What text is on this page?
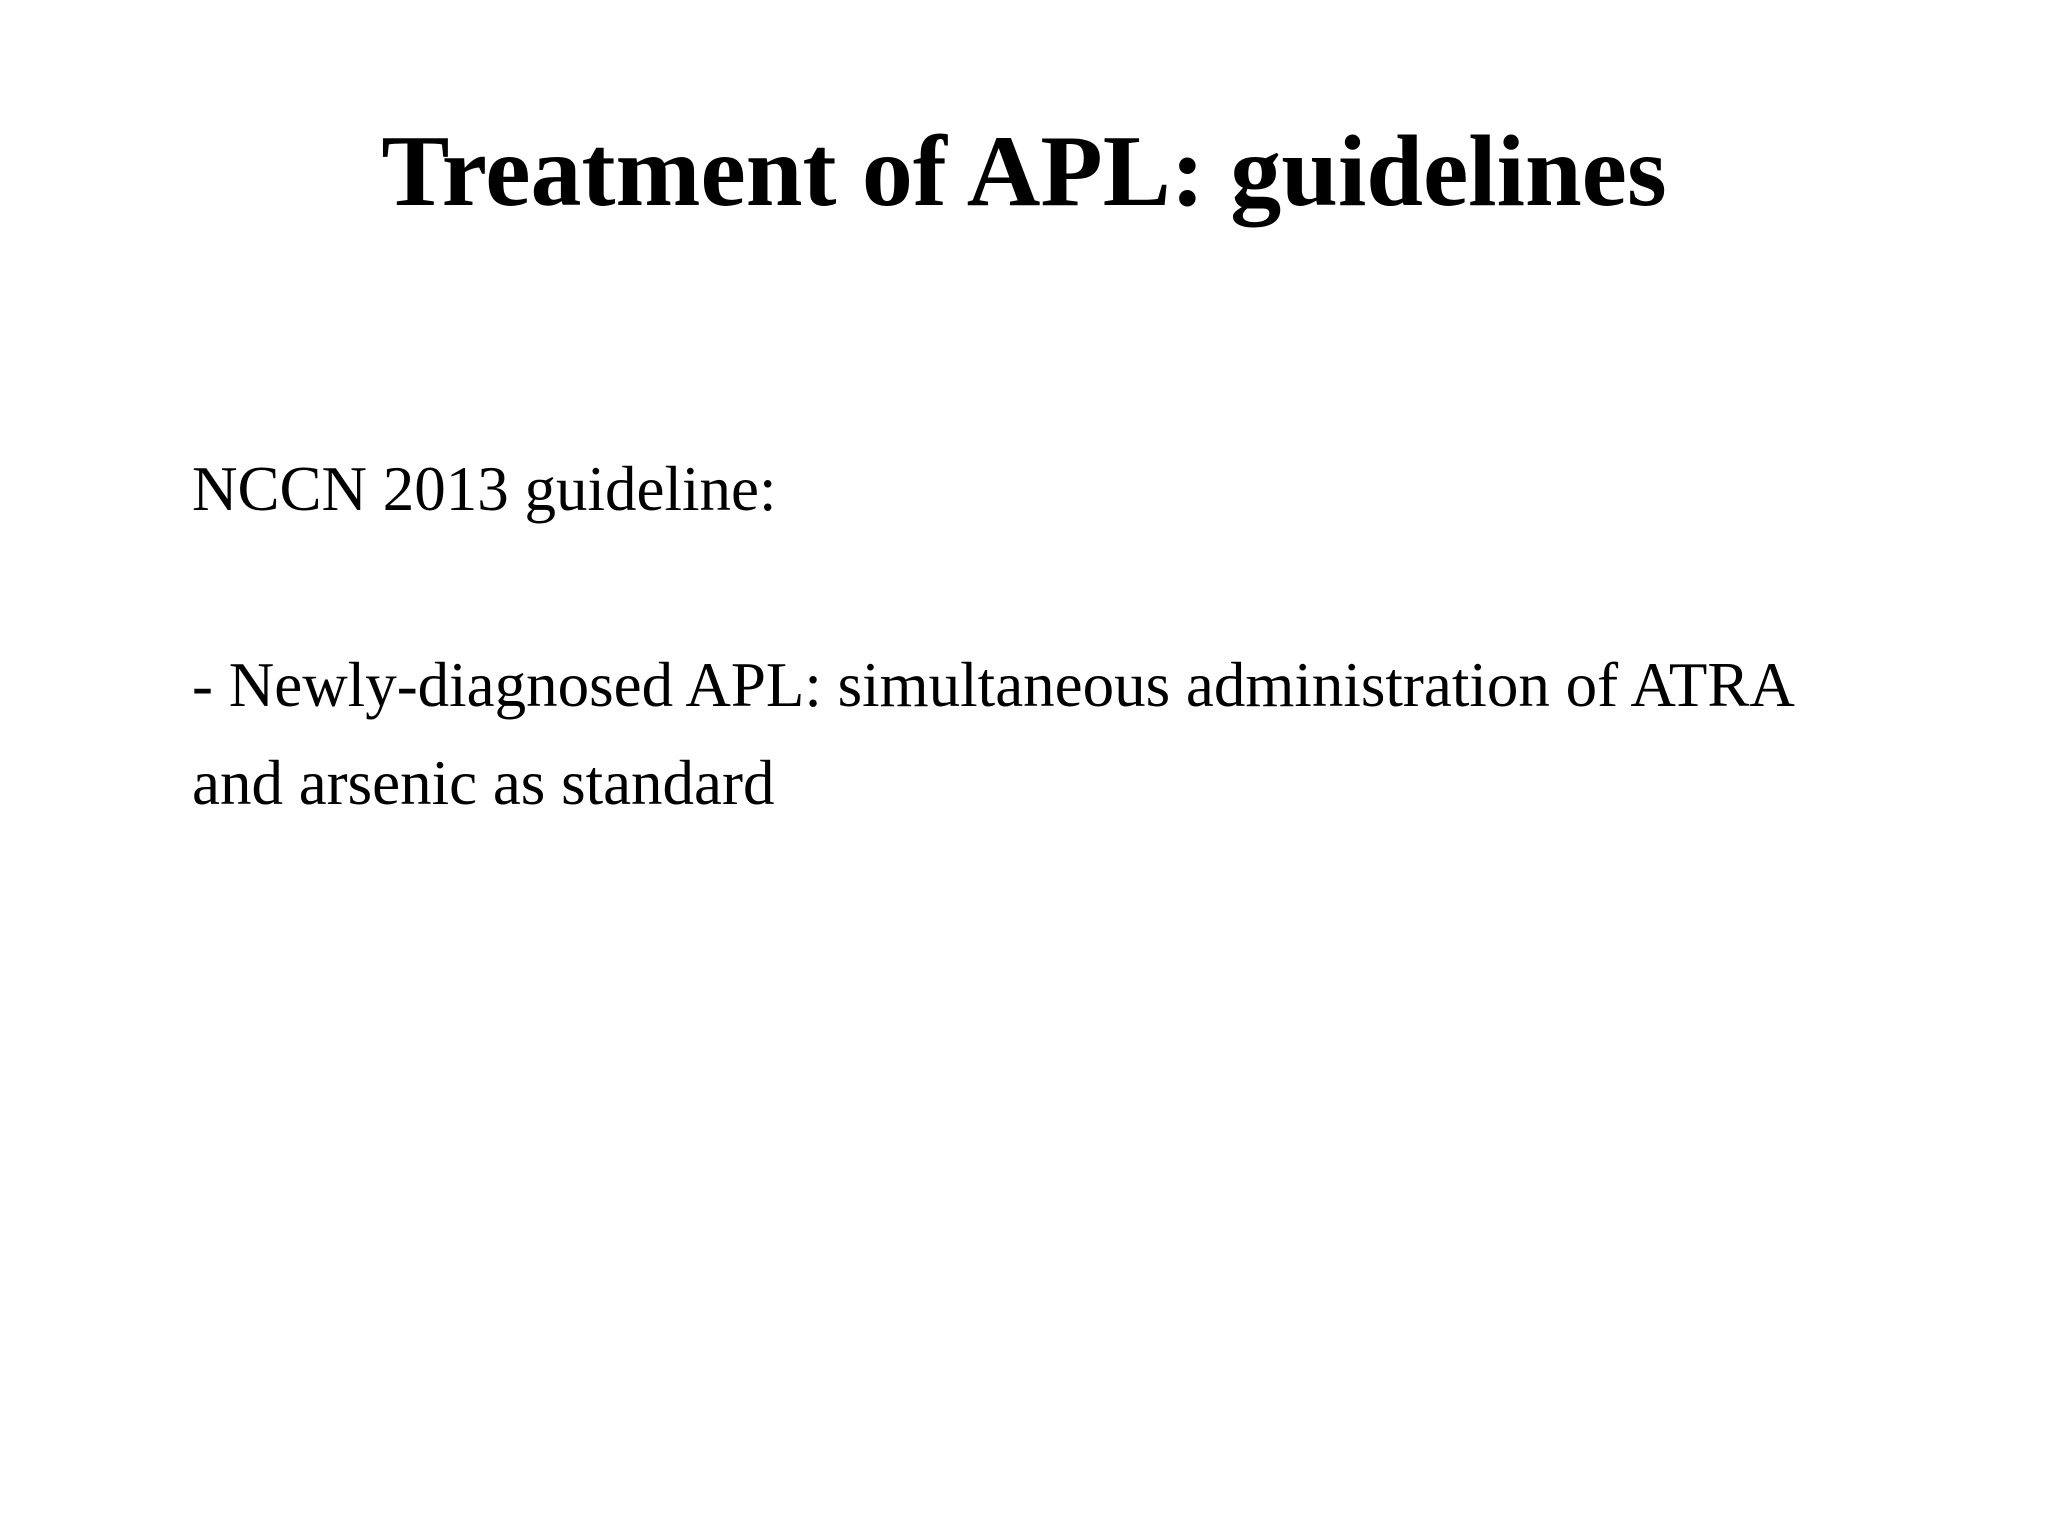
Treatment of APL: guidelines

NCCN 2013 guideline:

- Newly-diagnosed APL: simultaneous administration of ATRA

and arsenic as standard
